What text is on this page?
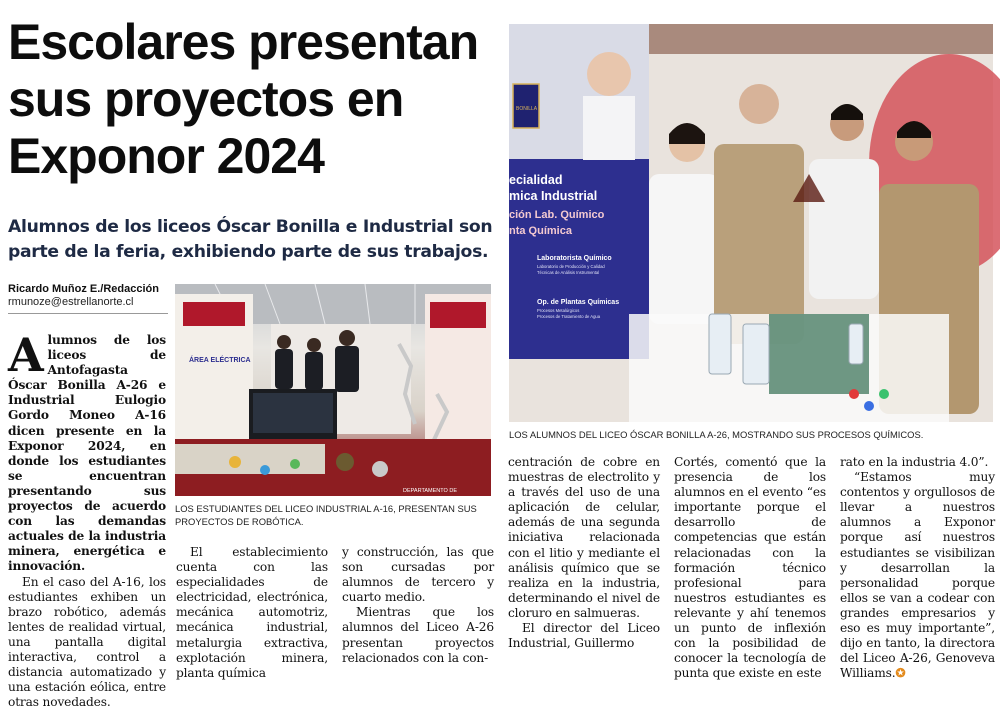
Escolares presentan sus proyectos en Exponor 2024
Alumnos de los liceos Óscar Bonilla e Industrial son parte de la feria, exhibiendo parte de sus trabajos.
Ricardo Muñoz E./Redacción
rmunoze@estrellanorte.cl

Alumnos de los liceos de Antofagasta Óscar Bonilla A-26 e Industrial Eulogio Gordo Moneo A-16 dicen presente en la Exponor 2024, en donde los estudiantes se encuentran presentando sus proyectos de acuerdo con las demandas actuales de la industria minera, energética e innovación.

En el caso del A-16, los estudiantes exhiben un brazo robótico, además lentes de realidad virtual, una pantalla digital interactiva, control a distancia automatizado y una estación eólica, entre otras novedades.

ÁREA ELÉCTRICA
DEPARTAMENTO DE
LOS ESTUDIANTES DEL LICEO INDUSTRIAL A-16, PRESENTAN SUS PROYECTOS DE ROBÓTICA.
BONILLA
ecialidad
mica Industrial
ción Lab. Químico
nta Química
Laboratorista Químico
Op. de Plantas Químicas
Laboratorio de Producción y Calidad
Técnicas de Análisis Instrumental
Procesos Metalúrgicos
Procesos de Tratamiento de Agua
LOS ALUMNOS DEL LICEO ÓSCAR BONILLA A-26, MOSTRANDO SUS PROCESOS QUÍMICOS.

El establecimiento cuenta con las especialidades de electricidad, electrónica, mecánica automotriz, mecánica industrial, metalurgia extractiva, explotación minera, planta química

y construcción, las que son cursadas por alumnos de tercero y cuarto medio.

Mientras que los alumnos del Liceo A-26 presentan proyectos relacionados con la con-

centración de cobre en muestras de electrolito y a través del uso de una aplicación de celular, además de una segunda iniciativa relacionada con el litio y mediante el análisis químico que se realiza en la industria, determinando el nivel de cloruro en salmueras.

El director del Liceo Industrial, Guillermo

Cortés, comentó que la presencia de los alumnos en el evento “es importante porque el desarrollo de competencias que están relacionadas con la formación técnico profesional para nuestros estudiantes es relevante y ahí tenemos un punto de inflexión con la posibilidad de conocer la tecnología de punta que existe en este

rato en la industria 4.0”.

“Estamos muy contentos y orgullosos de llevar a nuestros alumnos a Exponor porque así nuestros estudiantes se visibilizan y desarrollan la personalidad porque ellos se van a codear con grandes empresarios y eso es muy importante”, dijo en tanto, la directora del Liceo A-26, Genoveva Williams.✪
